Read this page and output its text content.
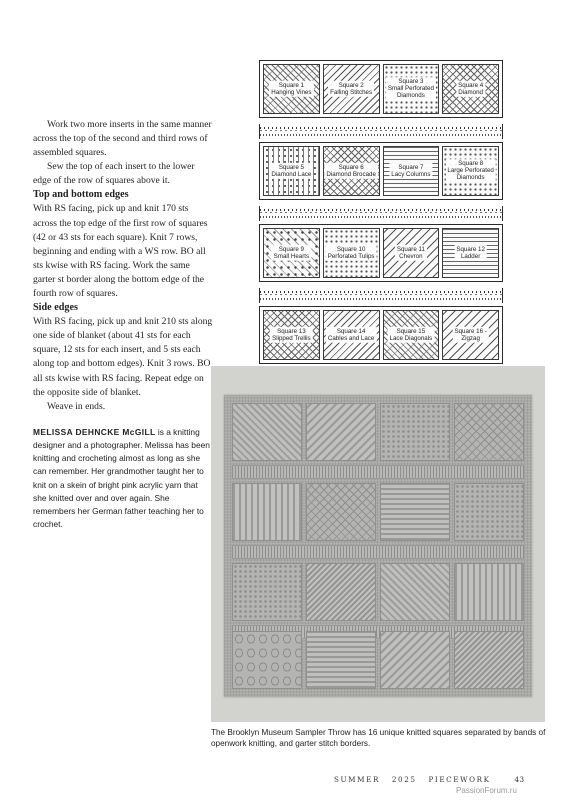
Work two more inserts in the same manner across the top of the second and third rows of assembled squares.

Sew the top of each insert to the lower edge of the row of squares above it.

Top and bottom edges

With RS facing, pick up and knit 170 sts across the top edge of the first row of squares (42 or 43 sts for each square). Knit 7 rows, beginning and ending with a WS row. BO all sts kwise with RS facing. Work the same garter st border along the bottom edge of the fourth row of squares.

Side edges

With RS facing, pick up and knit 210 sts along one side of blanket (about 41 sts for each square, 12 sts for each insert, and 5 sts each along top and bottom edges). Knit 3 rows. BO all sts kwise with RS facing. Repeat edge on the opposite side of blanket.

Weave in ends.

MELISSA DEHNCKE McGILL is a knitting designer and a photographer. Melissa has been knitting and crocheting almost as long as she can remember. Her grandmother taught her to knit on a skein of bright pink acrylic yarn that she knitted over and over again. She remembers her German father teaching her to crochet.
Square 1
Hanging Vines
Square 2
Falling Stitches
Square 3
Small Perforated
Diamonds
Square 4
Diamond
Square 5
Diamond Lace
Square 6
Diamond Brocade
Square 7
Lacy Columns
Square 8
Large Perforated
Diamonds
Square 9
Small Hearts
Square 10
Perforated Tulips
Square 11
Chevron
Square 12
Ladder
Square 13
Slipped Trellis
Square 14
Cables and Lace
Square 15
Lace Diagonals
Square 16 -
Zigzag
The Brooklyn Museum Sampler Throw has 16 unique knitted squares separated by bands of openwork knitting, and garter stitch borders.
SUMMER 2025 PIECEWORK	43
PassionForum.ru
